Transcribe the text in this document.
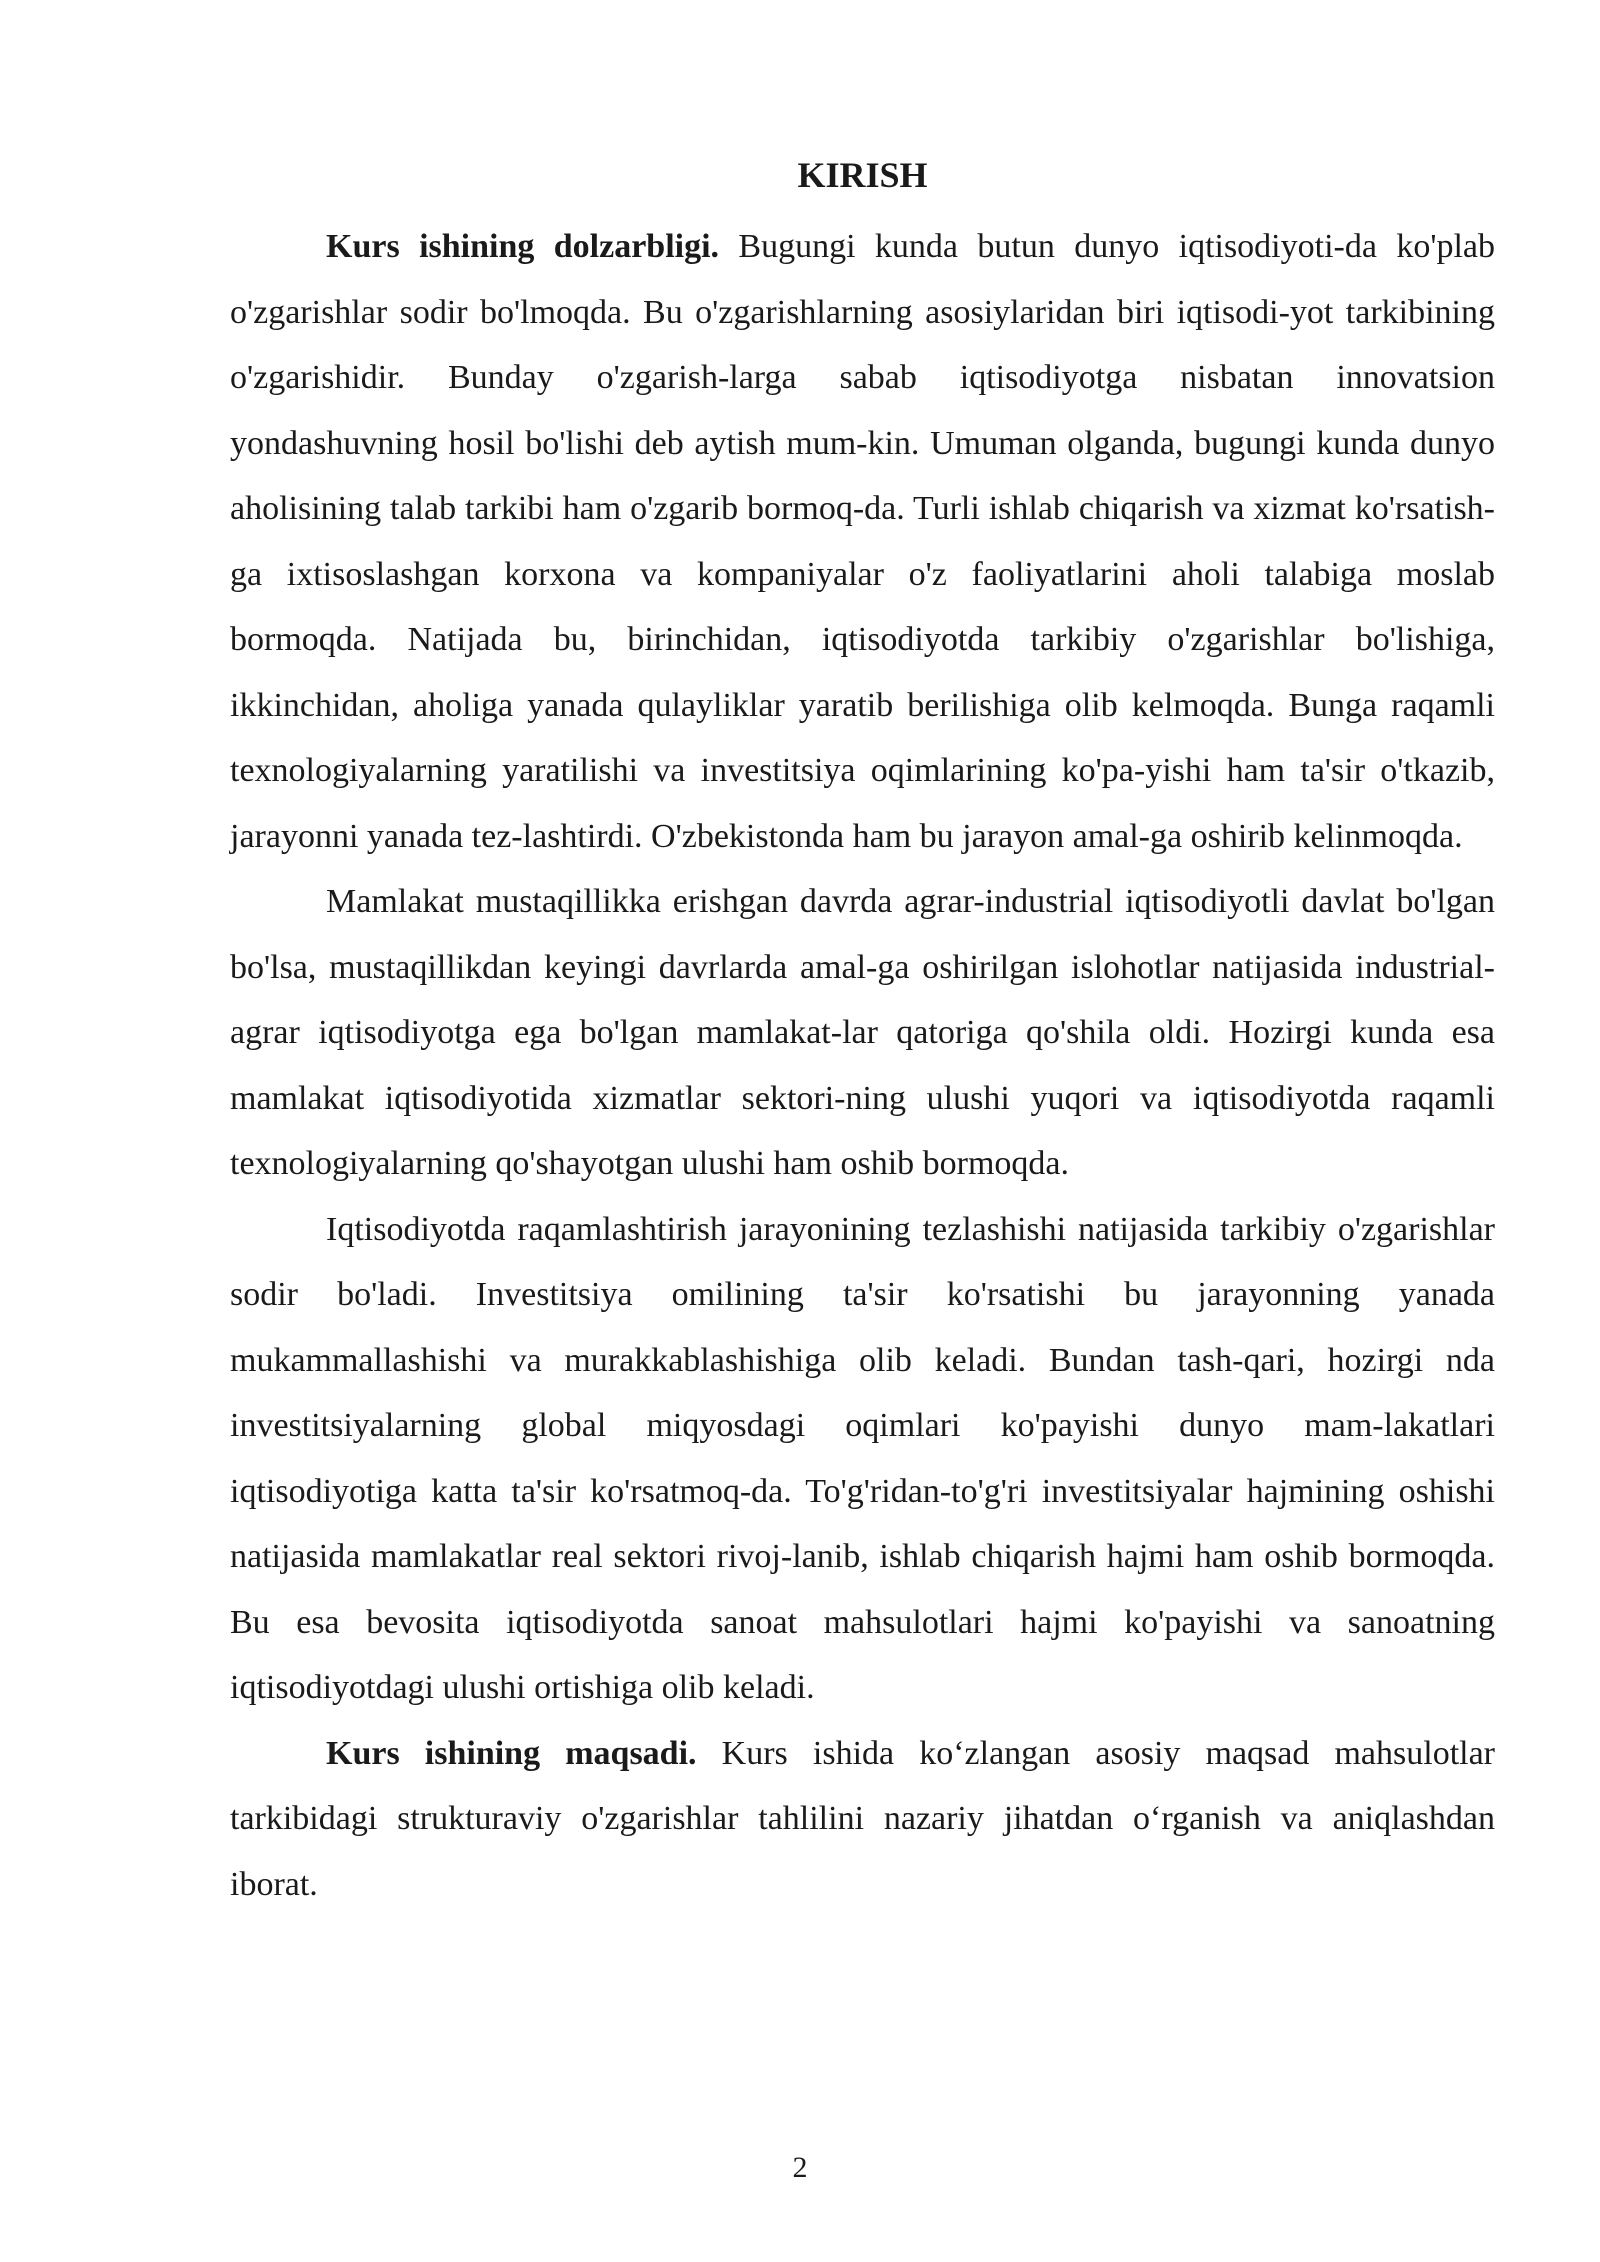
KIRISH

Kurs ishining dolzarbligi. Bugungi kunda butun dunyo iqtisodiyoti-da ko'plab o'zgarishlar sodir bo'lmoqda. Bu o'zgarishlarning asosiylaridan biri iqtisodi-yot tarkibining o'zgarishidir. Bunday o'zgarish-larga sabab iqtisodiyotga nisbatan innovatsion yondashuvning hosil bo'lishi deb aytish mum-kin. Umuman olganda, bugungi kunda dunyo aholisining talab tarkibi ham o'zgarib bormoq-da. Turli ishlab chiqarish va xizmat ko'rsatish-ga ixtisoslashgan korxona va kompaniyalar o'z faoliyatlarini aholi talabiga moslab bormoqda. Natijada bu, birinchidan, iqtisodiyotda tarkibiy o'zgarishlar bo'lishiga, ikkinchidan, aholiga yanada qulayliklar yaratib berilishiga olib kelmoqda. Bunga raqamli texnologiyalarning yaratilishi va investitsiya oqimlarining ko'pa-yishi ham ta'sir o'tkazib, jarayonni yanada tez-lashtirdi. O'zbekistonda ham bu jarayon amal-ga oshirib kelinmoqda.

Mamlakat mustaqillikka erishgan davrda agrar-industrial iqtisodiyotli davlat bo'lgan bo'lsa, mustaqillikdan keyingi davrlarda amal-ga oshirilgan islohotlar natijasida industrial-agrar iqtisodiyotga ega bo'lgan mamlakat-lar qatoriga qo'shila oldi. Hozirgi kunda esa mamlakat iqtisodiyotida xizmatlar sektori-ning ulushi yuqori va iqtisodiyotda raqamli texnologiyalarning qo'shayotgan ulushi ham oshib bormoqda.

Iqtisodiyotda raqamlashtirish jarayonining tezlashishi natijasida tarkibiy o'zgarishlar sodir bo'ladi. Investitsiya omilining ta'sir ko'rsatishi bu jarayonning yanada mukammallashishi va murakkablashishiga olib keladi. Bundan tash-qari, hozirgi nda investitsiyalarning global miqyosdagi oqimlari ko'payishi dunyo mam-lakatlari iqtisodiyotiga katta ta'sir ko'rsatmoq-da. To'g'ridan-to'g'ri investitsiyalar hajmining oshishi natijasida mamlakatlar real sektori rivoj-lanib, ishlab chiqarish hajmi ham oshib bormoqda. Bu esa bevosita iqtisodiyotda sanoat mahsulotlari hajmi ko'payishi va sanoatning iqtisodiyotdagi ulushi ortishiga olib keladi.

Kurs ishining maqsadi. Kurs ishida ko‘zlangan asosiy maqsad mahsulotlar tarkibidagi strukturaviy o'zgarishlar tahlilini nazariy jihatdan o‘rganish va aniqlashdan iborat.

2
